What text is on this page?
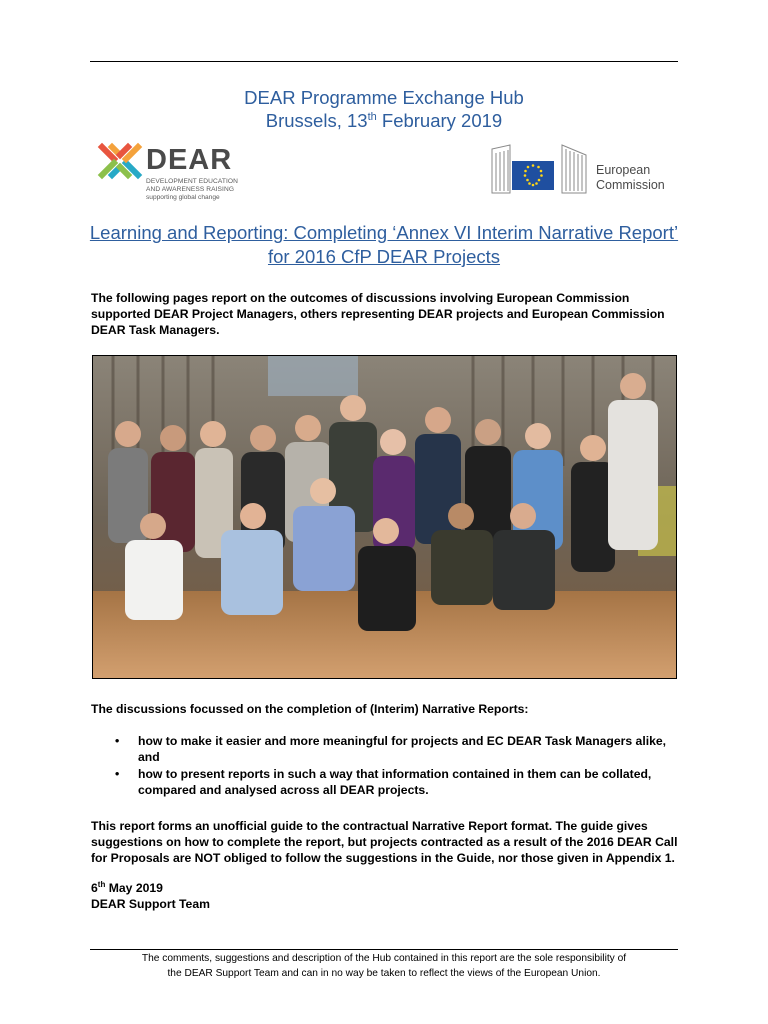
DEAR Programme Exchange Hub
Brussels, 13th February 2019
DEAR
DEVELOPMENT EDUCATION
AND AWARENESS RAISING
supporting global change
European
Commission
Learning and Reporting: Completing ‘Annex VI Interim Narrative Report’
for 2016 CfP DEAR Projects
The following pages report on the outcomes of discussions involving European Commission
supported DEAR Project Managers, others representing DEAR projects and European Commission
DEAR Task Managers.
The discussions focussed on the completion of (Interim) Narrative Reports:
• how to make it easier and more meaningful for projects and EC DEAR Task Managers alike,
and
• how to present reports in such a way that information contained in them can be collated,
compared and analysed across all DEAR projects.
This report forms an unofficial guide to the contractual Narrative Report format. The guide gives
suggestions on how to complete the report, but projects contracted as a result of the 2016 DEAR Call
for Proposals are NOT obliged to follow the suggestions in the Guide, nor those given in Appendix 1.
6th May 2019
DEAR Support Team
The comments, suggestions and description of the Hub contained in this report are the sole responsibility of
the DEAR Support Team and can in no way be taken to reflect the views of the European Union.
